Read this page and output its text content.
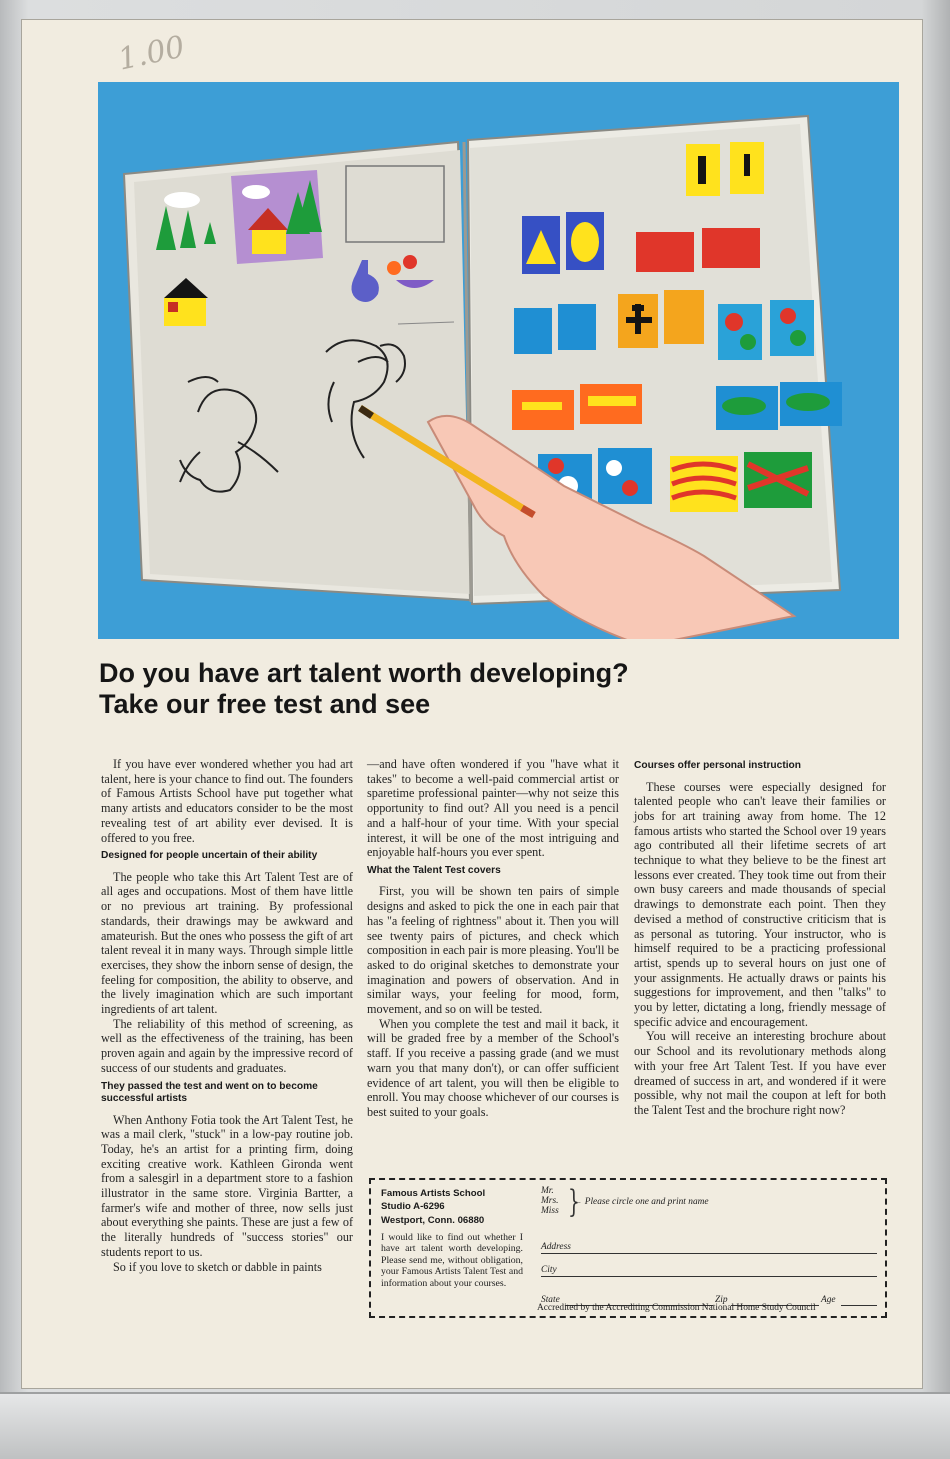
1.00
Do you have art talent worth developing?
Take our free test and see

If you have ever wondered whether you had art talent, here is your chance to find out. The founders of Famous Artists School have put together what many artists and educators consider to be the most revealing test of art ability ever devised. It is offered to you free.

Designed for people uncertain of their ability

The people who take this Art Talent Test are of all ages and occupations. Most of them have little or no previous art training. By professional standards, their drawings may be awkward and amateurish. But the ones who possess the gift of art talent reveal it in many ways. Through simple little exercises, they show the inborn sense of design, the feeling for composition, the ability to observe, and the lively imagination which are such important ingredients of art talent.

The reliability of this method of screening, as well as the effectiveness of the training, has been proven again and again by the impressive record of success of our students and graduates.

They passed the test and went on to become successful artists

When Anthony Fotia took the Art Talent Test, he was a mail clerk, "stuck" in a low-pay routine job. Today, he's an artist for a printing firm, doing exciting creative work. Kathleen Gironda went from a salesgirl in a department store to a fashion illustrator in the same store. Virginia Bartter, a farmer's wife and mother of three, now sells just about everything she paints. These are just a few of the literally hundreds of "success stories" our students report to us.

So if you love to sketch or dabble in paints

—and have often wondered if you "have what it takes" to become a well-paid commercial artist or sparetime professional painter—why not seize this opportunity to find out? All you need is a pencil and a half-hour of your time. With your special interest, it will be one of the most intriguing and enjoyable half-hours you ever spent.

What the Talent Test covers

First, you will be shown ten pairs of simple designs and asked to pick the one in each pair that has "a feeling of rightness" about it. Then you will see twenty pairs of pictures, and check which composition in each pair is more pleasing. You'll be asked to do original sketches to demonstrate your imagination and powers of observation. And in similar ways, your feeling for mood, form, movement, and so on will be tested.

When you complete the test and mail it back, it will be graded free by a member of the School's staff. If you receive a passing grade (and we must warn you that many don't), or can offer sufficient evidence of art talent, you will then be eligible to enroll. You may choose whichever of our courses is best suited to your goals.

Courses offer personal instruction

These courses were especially designed for talented people who can't leave their families or jobs for art training away from home. The 12 famous artists who started the School over 19 years ago contributed all their lifetime secrets of art technique to what they believe to be the finest art lessons ever created. They took time out from their own busy careers and made thousands of special drawings to demonstrate each point. Then they devised a method of constructive criticism that is as personal as tutoring. Your instructor, who is himself required to be a practicing professional artist, spends up to several hours on just one of your assignments. He actually draws or paints his suggestions for improvement, and then "talks" to you by letter, dictating a long, friendly message of specific advice and encouragement.

You will receive an interesting brochure about our School and its revolutionary methods along with your free Art Talent Test. If you have ever dreamed of success in art, and wondered if it were possible, why not mail the coupon at left for both the Talent Test and the brochure right now?

Famous Artists School
Studio A-6296
Westport, Conn. 06880
I would like to find out whether I have art talent worth developing. Please send me, without obligation, your Famous Artists Talent Test and information about your courses.
Mr.
Mrs.
Miss }
← Please circle one and print name
Address
City
State	Zip	Age
Accredited by the Accrediting Commission National Home Study Council
